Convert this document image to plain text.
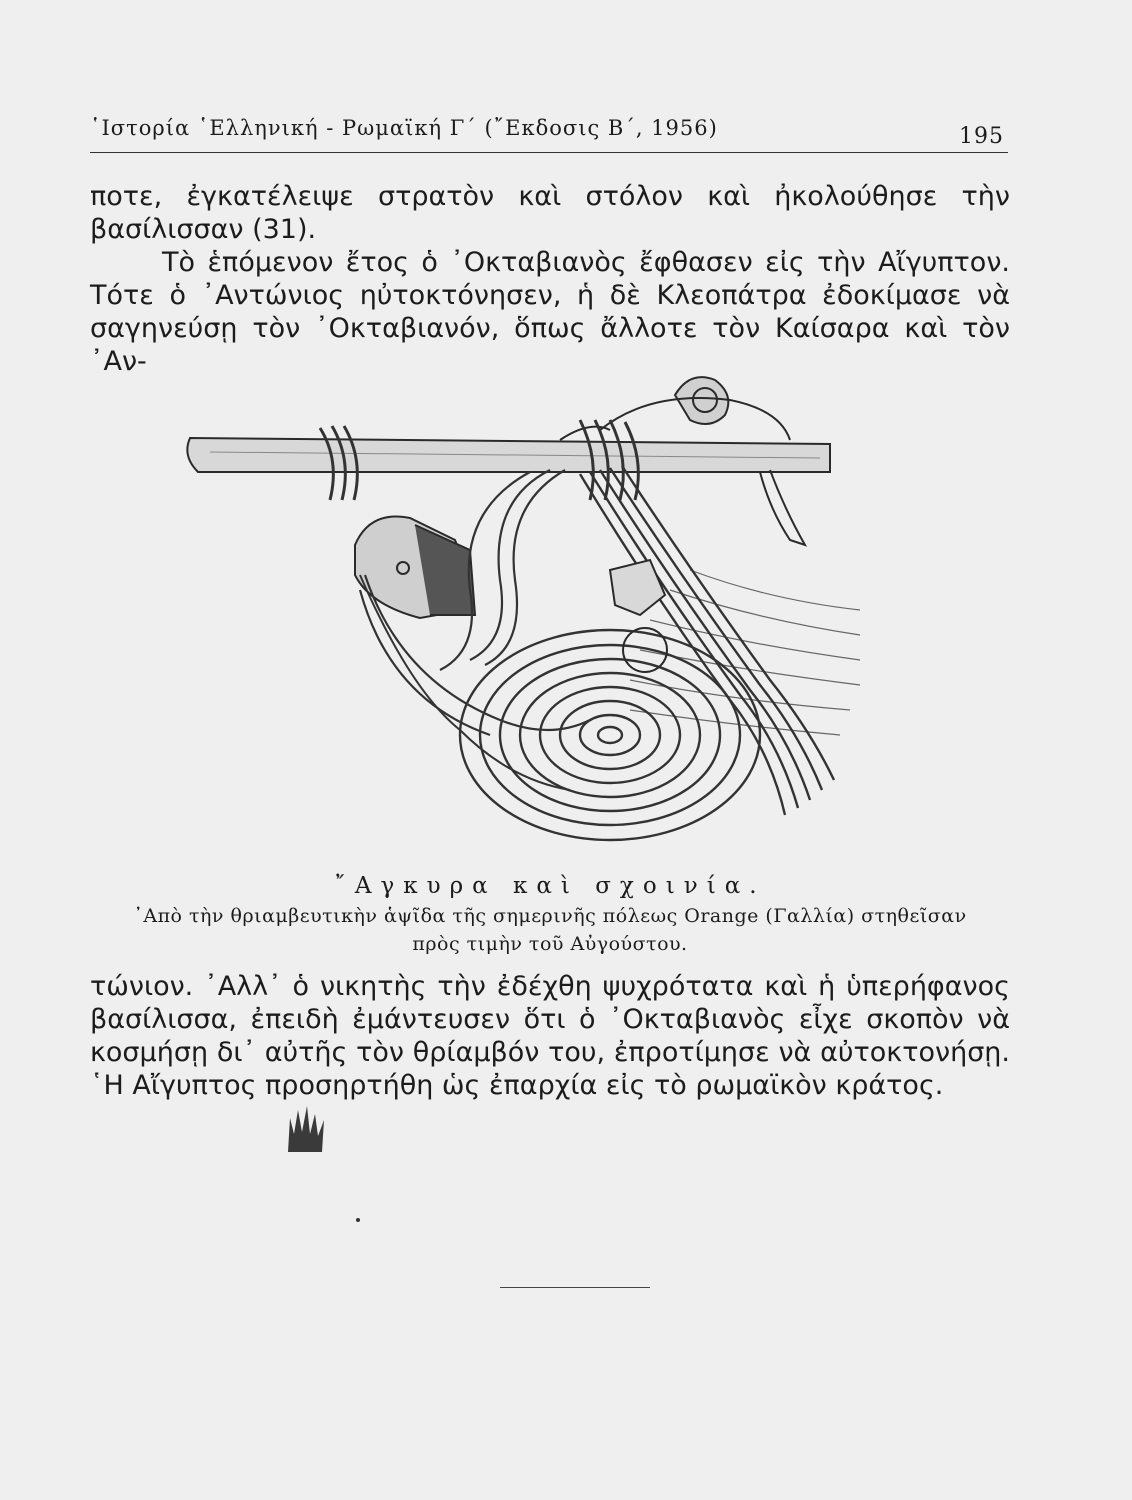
῾Ιστορία ῾Ελληνική - Ρωμαϊκή Γ΄ (῎Εκδοσις Β΄, 1956)	195

ποτε, ἐγκατέλειψε στρατὸν καὶ στόλον καὶ ἠκολούθησε τὴν βασίλισσαν (31).

Τὸ ἑπόμενον ἔτος ὁ ᾿Οκταβιανὸς ἔφθασεν εἰς τὴν Αἴγυπτον. Τότε ὁ ᾿Αντώνιος ηὐτοκτόνησεν, ἡ δὲ Κλεοπάτρα ἐδοκίμασε νὰ σαγηνεύσῃ τὸν ᾿Οκταβιανόν, ὅπως ἄλλοτε τὸν Καίσαρα καὶ τὸν ᾿Αν-

῎Αγκυρα καὶ σχοινία.
᾿Απὸ τὴν θριαμβευτικὴν ἁψῖδα τῆς σημερινῆς πόλεως Orange (Γαλλία) στηθεῖσαν
πρὸς τιμὴν τοῦ Αὐγούστου.

τώνιον. ᾿Αλλ᾿ ὁ νικητὴς τὴν ἐδέχθη ψυχρότατα καὶ ἡ ὑπερήφανος βασίλισσα, ἐπειδὴ ἐμάντευσεν ὅτι ὁ ᾿Οκταβιανὸς εἶχε σκοπὸν νὰ κοσμήσῃ δι᾿ αὐτῆς τὸν θρίαμβόν του, ἐπροτίμησε νὰ αὐτοκτονήσῃ. ῾Η Αἴγυπτος προσηρτήθη ὡς ἐπαρχία εἰς τὸ ρωμαϊκὸν κράτος.
